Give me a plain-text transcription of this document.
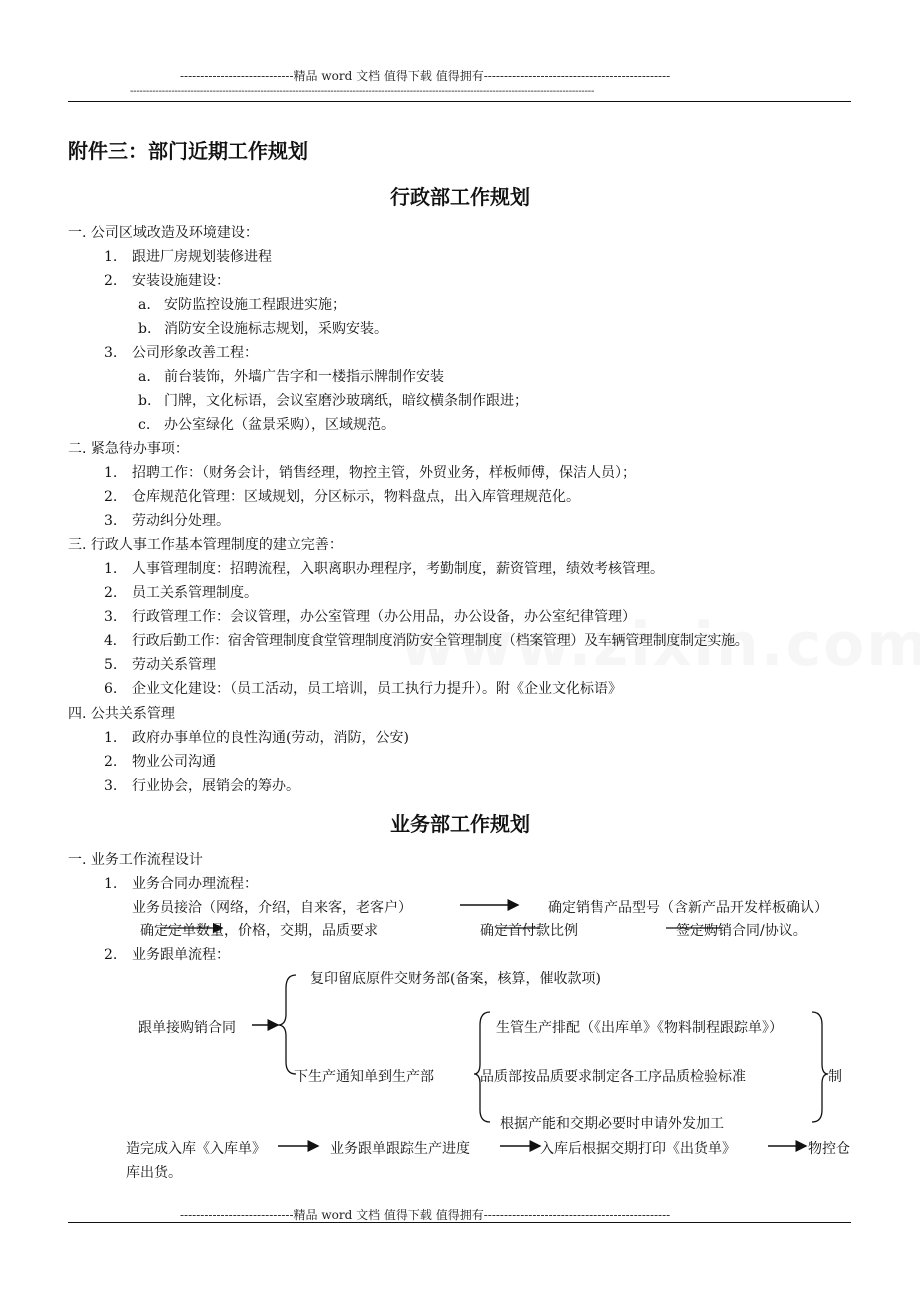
----------------------------精品 word 文档 值得下载 值得拥有----------------------------------------------
--------------------------------------------------------------------------------------------------------------------------------------------------
附件三：部门近期工作规划
行政部工作规划
一. 公司区域改造及环境建设：
1. 跟进厂房规划装修进程
2. 安装设施建设：
a. 安防监控设施工程跟进实施；
b. 消防安全设施标志规划，采购安装。
3. 公司形象改善工程：
a. 前台装饰，外墙广告字和一楼指示牌制作安装
b. 门牌，文化标语，会议室磨沙玻璃纸，暗纹横条制作跟进；
c. 办公室绿化（盆景采购），区域规范。
二. 紧急待办事项：
1. 招聘工作：（财务会计，销售经理，物控主管，外贸业务，样板师傅，保洁人员）；
2. 仓库规范化管理：区域规划，分区标示，物料盘点，出入库管理规范化。
3. 劳动纠分处理。
三. 行政人事工作基本管理制度的建立完善：
1. 人事管理制度：招聘流程，入职离职办理程序，考勤制度，薪资管理，绩效考核管理。
2. 员工关系管理制度。
3. 行政管理工作：会议管理，办公室管理（办公用品，办公设备，办公室纪律管理）
4. 行政后勤工作：宿舍管理制度食堂管理制度消防安全管理制度（档案管理）及车辆管理制度制定实施。
5. 劳动关系管理
6. 企业文化建设：（员工活动，员工培训，员工执行力提升）。附《企业文化标语》
四. 公共关系管理
1. 政府办事单位的良性沟通(劳动，消防，公安)
2. 物业公司沟通
3. 行业协会，展销会的筹办。
业务部工作规划
一. 业务工作流程设计
1. 业务合同办理流程：
业务员接洽（网络，介绍，自来客，老客户）	确定销售产品型号（含新产品开发样板确认）
确定定单数量，价格，交期，品质要求	确定首付款比例	签定购销合同/协议。
2. 业务跟单流程：
复印留底原件交财务部(备案，核算，催收款项)
跟单接购销合同
下生产通知单到生产部
生管生产排配（《出库单》《物料制程跟踪单》）
品质部按品质要求制定各工序品质检验标准
根据产能和交期必要时申请外发加工
制
造完成入库《入库单》	业务跟单跟踪生产进度	入库后根据交期打印《出货单》	物控仓
库出货。
----------------------------精品 word 文档 值得下载 值得拥有----------------------------------------------
